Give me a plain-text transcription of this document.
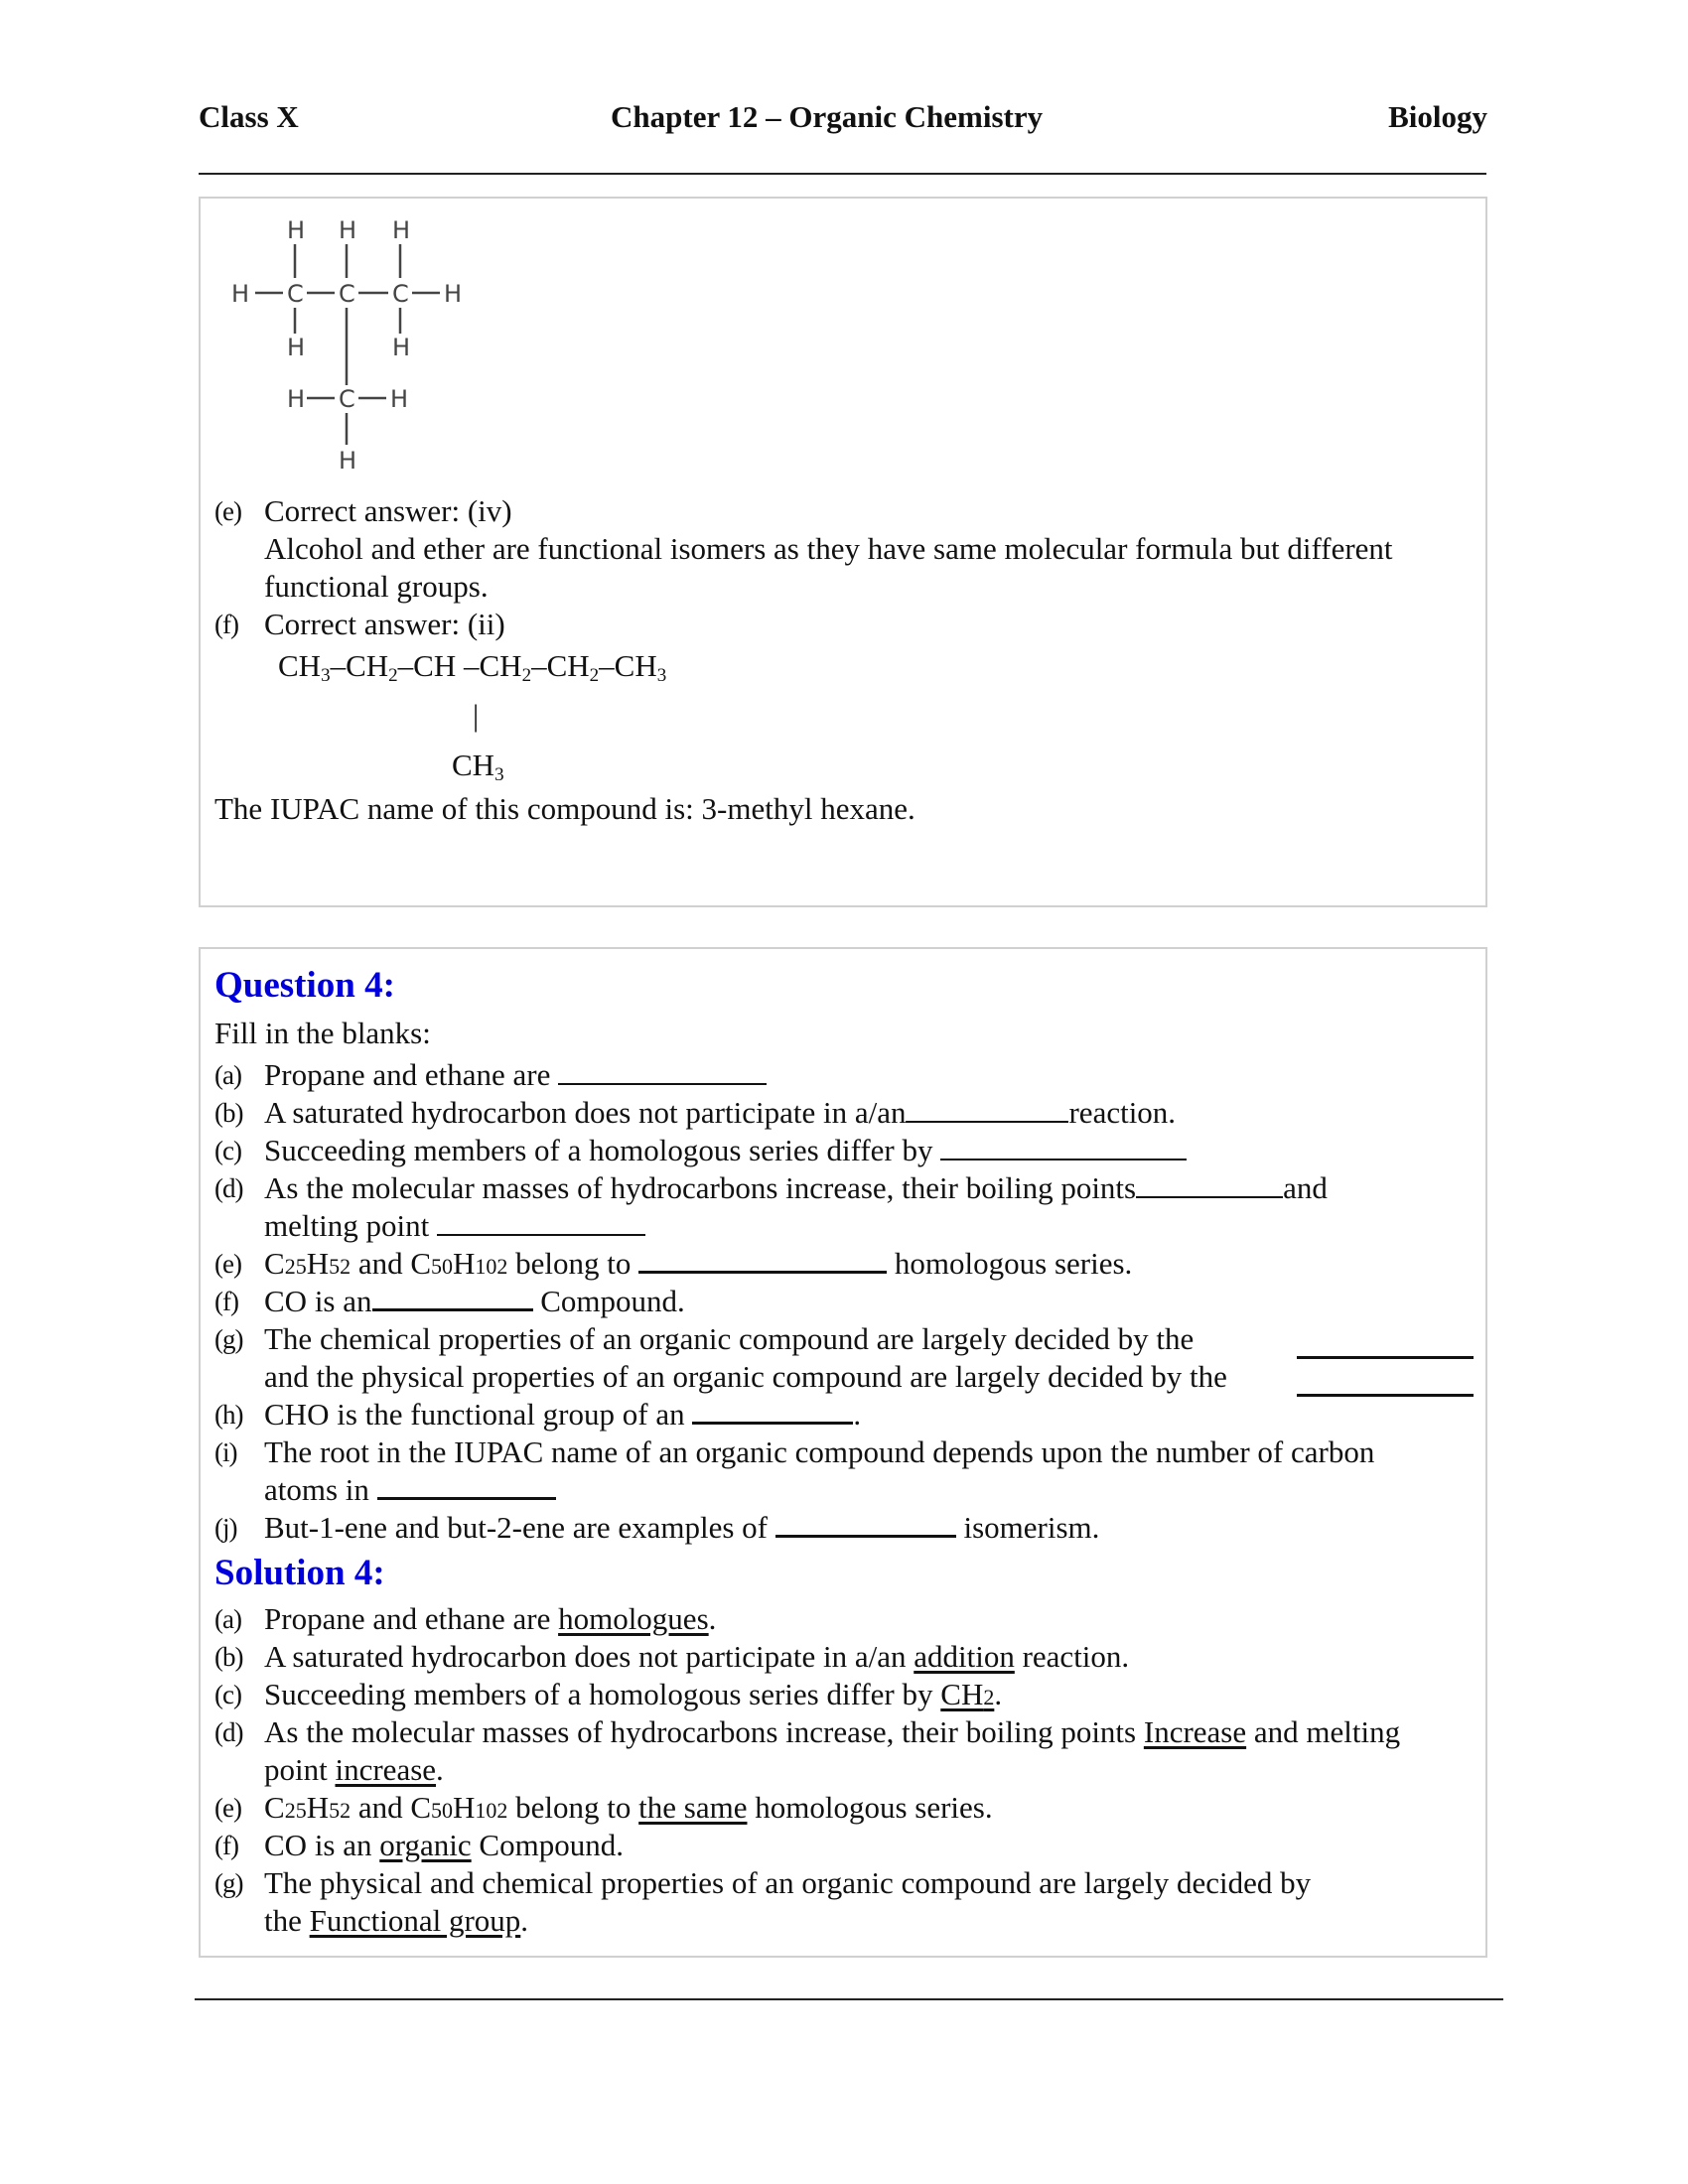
Class X	Chapter 12 – Organic Chemistry	Biology
H H H
H C C C H
H	H
H C H
H
(e) Correct answer: (iv)
Alcohol and ether are functional isomers as they have same molecular formula but different
functional groups.
(f) Correct answer: (ii)
$CH_3-CH_2-CH$ $-CH_2-CH_2-CH_3$
|
$CH_3$
The IUPAC name of this compound is: 3-methyl hexane.
Question 4:
Fill in the blanks:
(a) Propane and ethane are
(b) A saturated hydrocarbon does not participate in a/an	reaction.
(c) Succeeding members of a homologous series differ by
(d) As the molecular masses of hydrocarbons increase, their boiling points	and
melting point
(e) C25H52 and C50H102 belong to	homologous series.
(f) CO is an	Compound.
(g) The chemical properties of an organic compound are largely decided by the
and the physical properties of an organic compound are largely decided by the
(h) CHO is the functional group of an	.
(i) The root in the IUPAC name of an organic compound depends upon the number of carbon
atoms in
(j) But-1-ene and but-2-ene are examples of	isomerism.
Solution 4:
(a) Propane and ethane are homologues.
(b) A saturated hydrocarbon does not participate in a/an addition reaction.
(c) Succeeding members of a homologous series differ by CH2.
(d) As the molecular masses of hydrocarbons increase, their boiling points Increase and melting
point increase.
(e) C25H52 and C50H102 belong to the same homologous series.
(f) CO is an organic Compound.
(g) The physical and chemical properties of an organic compound are largely decided by
the Functional group.
